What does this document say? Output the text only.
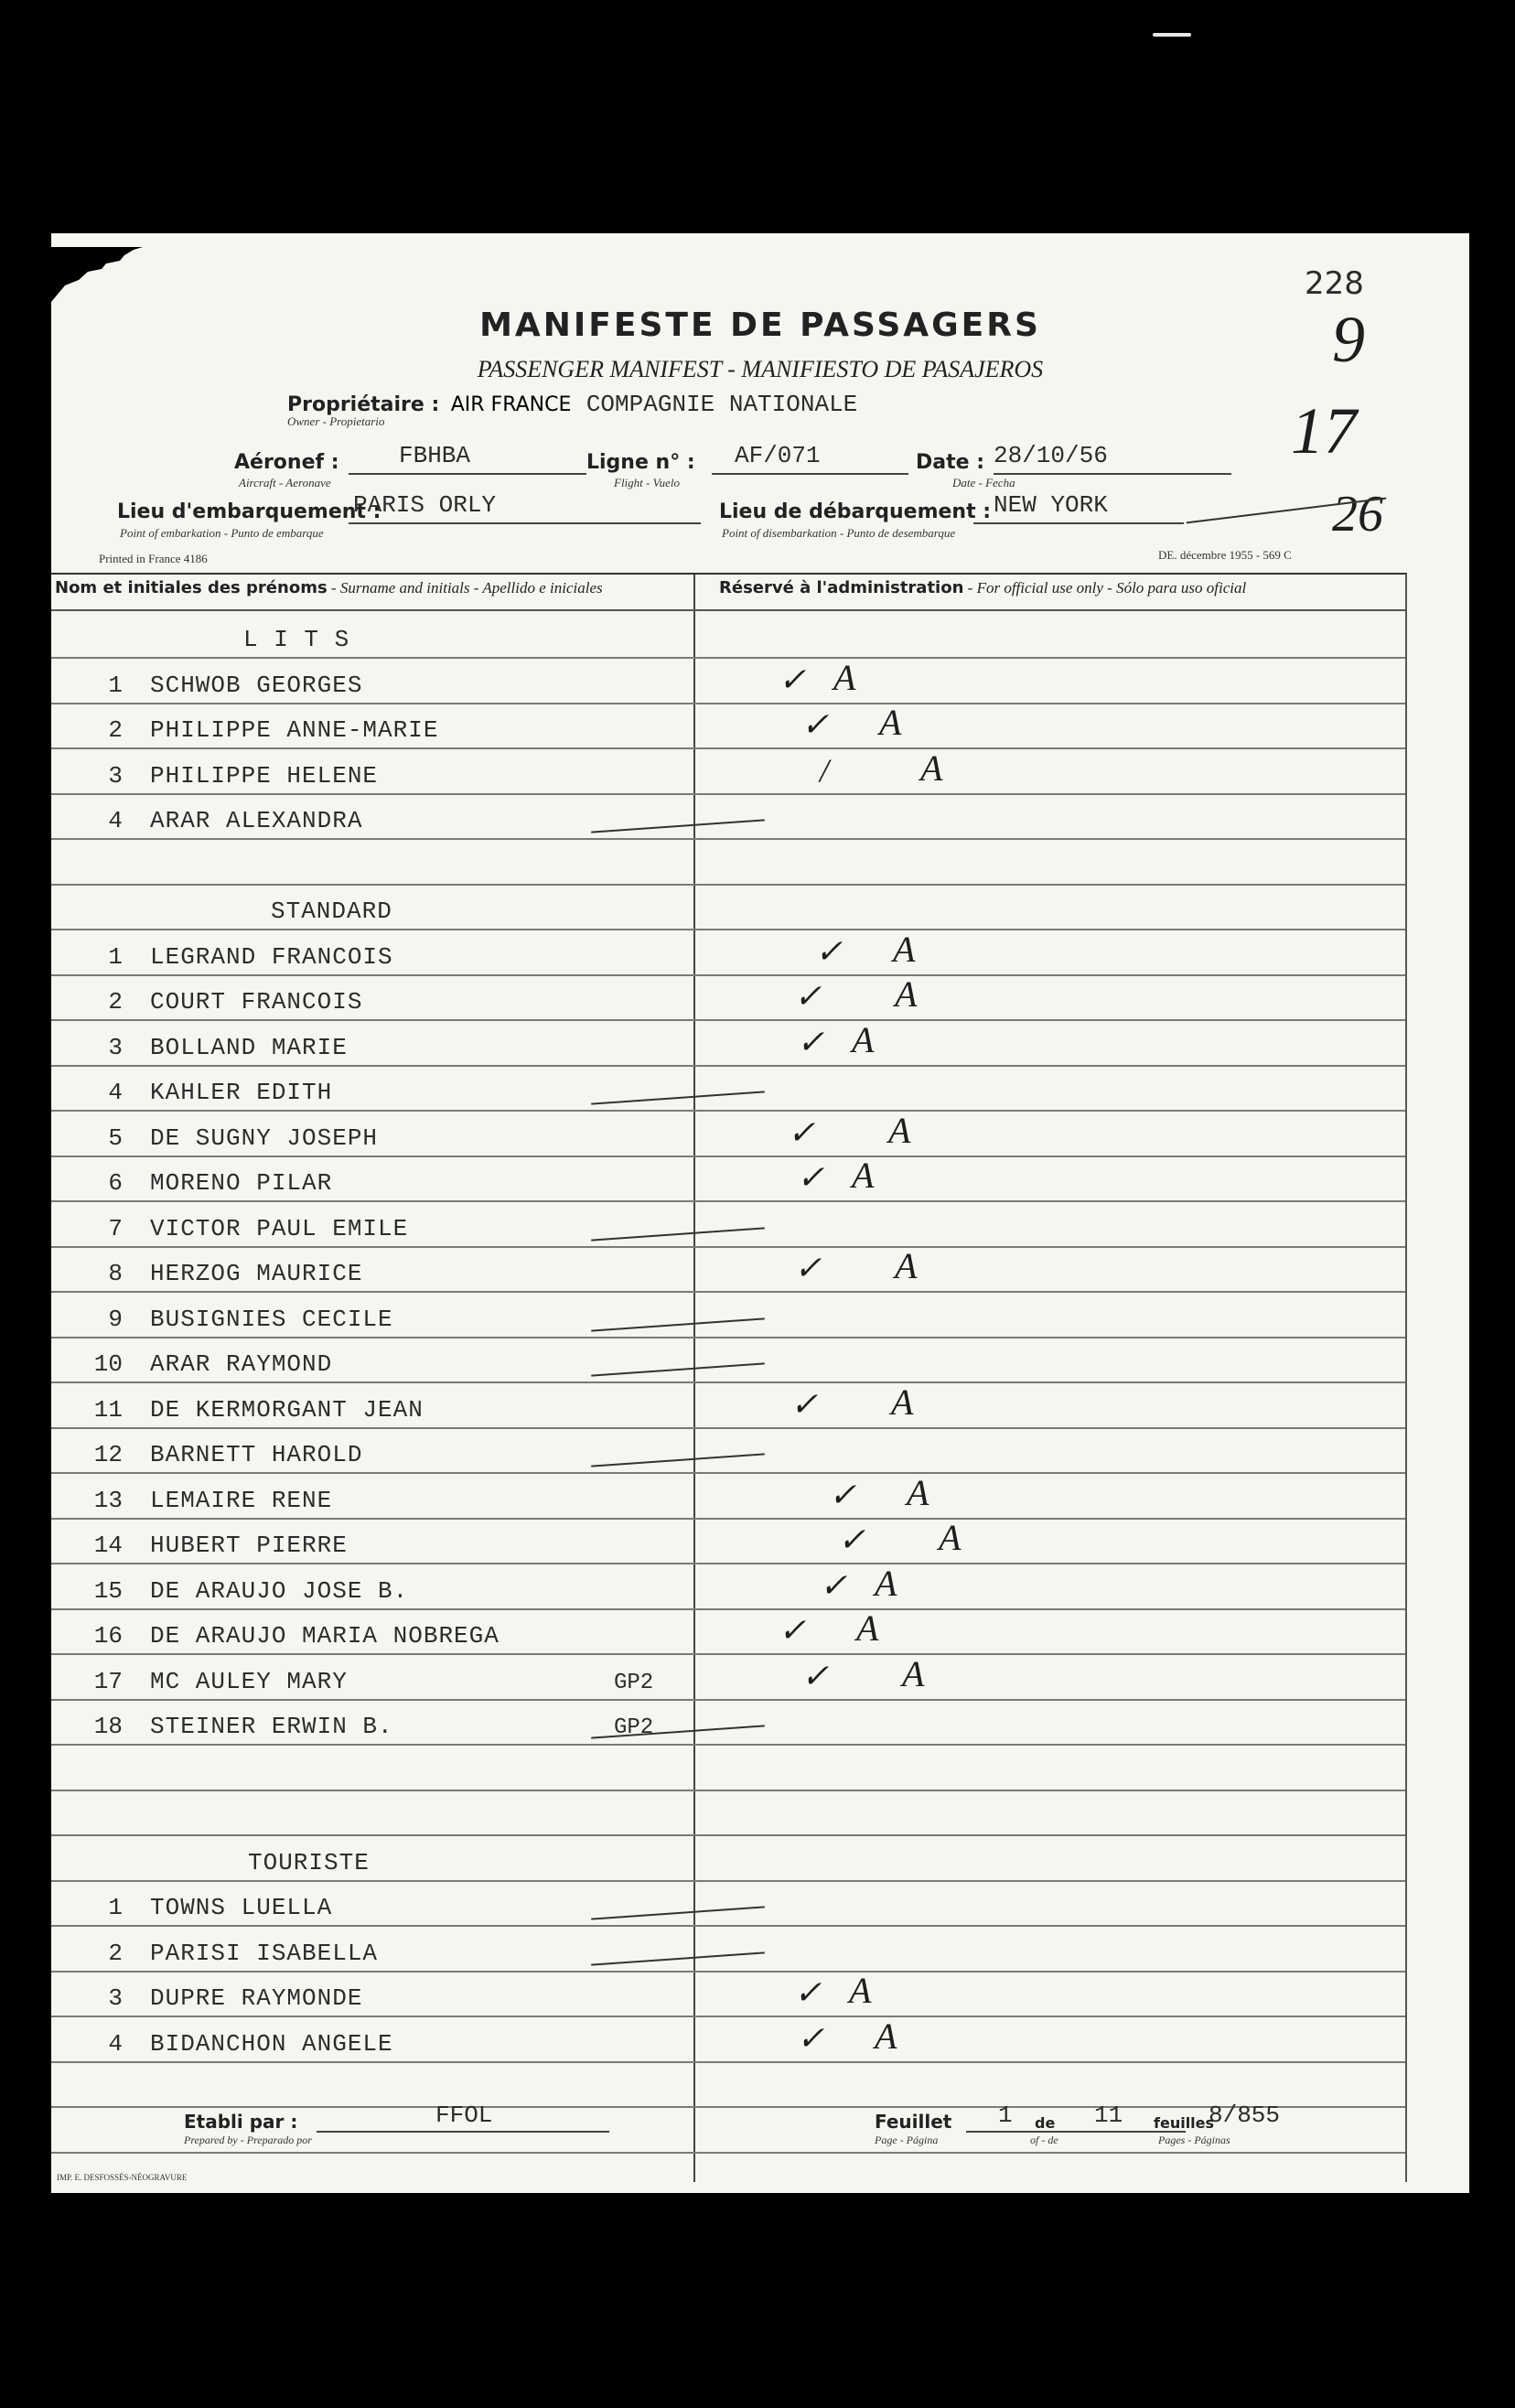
228
9
17
26
MANIFESTE DE PASSAGERS
PASSENGER MANIFEST - MANIFIESTO DE PASAJEROS
Propriétaire : AIR FRANCE COMPAGNIE NATIONALE
Owner - Propietario
Aéronef :	FBHBA
Aircraft - Aeronave
Ligne n° : AF/071
Flight - Vuelo
Date : 28/10/56
Date - Fecha
Lieu d'embarquement :
PARIS ORLY
Point of embarkation - Punto de embarque
Lieu de débarquement : NEW YORK
Point of disembarkation - Punto de desembarque
Printed in France 4186	DE. décembre 1955 - 569 C
Nom et initiales des prénoms - Surname and initials - Apellido e iniciales	Réservé à l'administration - For official use only - Sólo para uso oficial
L I T S
1 SCHWOB GEORGES	✓ A
2 PHILIPPE ANNE-MARIE	✓ A
3 PHILIPPE HELENE	/ A
4 ARAR ALEXANDRA
STANDARD
1 LEGRAND FRANCOIS	✓ A
2 COURT FRANCOIS	✓ A
3 BOLLAND MARIE	✓ A
4 KAHLER EDITH
5 DE SUGNY JOSEPH	✓ A
6 MORENO PILAR	✓ A
7 VICTOR PAUL EMILE
8 HERZOG MAURICE	✓ A
9 BUSIGNIES CECILE
10 ARAR RAYMOND
11 DE KERMORGANT JEAN	✓ A
12 BARNETT HAROLD
13 LEMAIRE RENE	✓ A
14 HUBERT PIERRE	✓ A
15 DE ARAUJO JOSE B.	✓ A
16 DE ARAUJO MARIA NOBREGA	✓ A
17 MC AULEY MARY	GP2	✓ A
18 STEINER ERWIN B.	GP2
TOURISTE
1 TOWNS LUELLA
2 PARISI ISABELLA
3 DUPRE RAYMONDE	✓ A
4 BIDANCHON ANGELE	✓ A
Etabli par :
Prepared by - Preparado por
FFOL	Feuillet
Page - Página
1 de
of - de
11 feuilles
Pages - Páginas
8/855
IMP. E. DESFOSSÉS-NÉOGRAVURE
